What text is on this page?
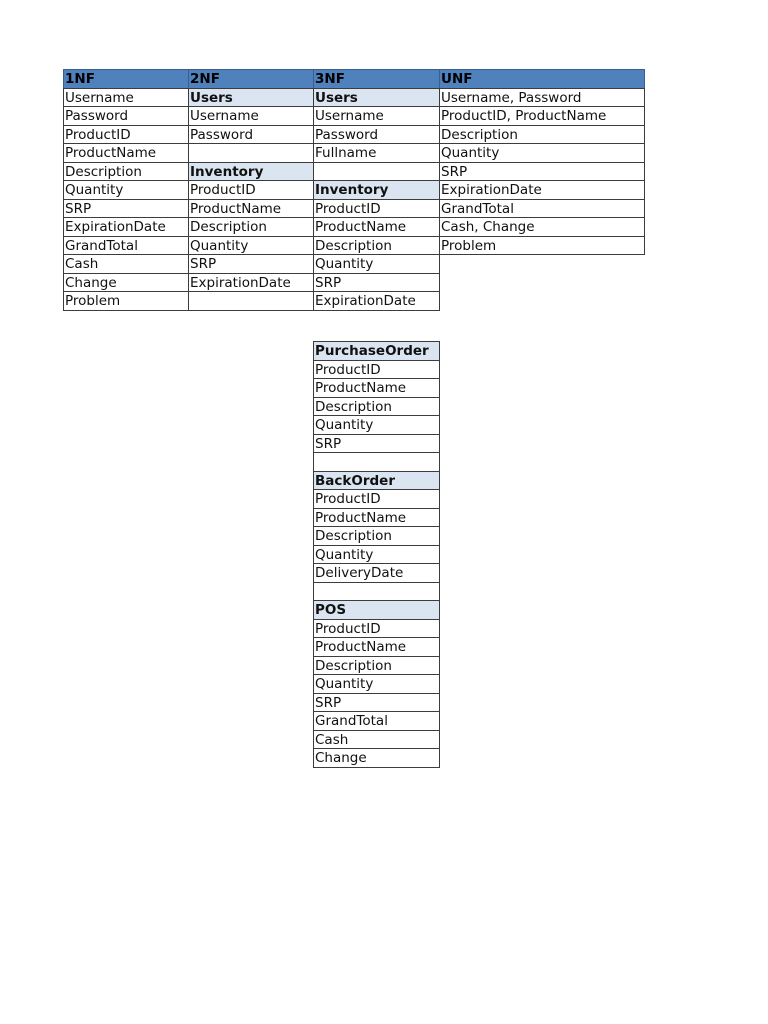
1NF
Username
Password
ProductID
ProductName
Description
Quantity
SRP
ExpirationDate
GrandTotal
Cash
Change
Problem
2NF
Users
Username
Password
Inventory
ProductID
ProductName
Description
Quantity
SRP
ExpirationDate
3NF
Users
Username
Password
Fullname
Inventory
ProductID
ProductName
Description
Quantity
SRP
ExpirationDate
UNF
Username, Password
ProductID, ProductName
Description
Quantity
SRP
ExpirationDate
GrandTotal
Cash, Change
Problem
PurchaseOrder
ProductID
ProductName
Description
Quantity
SRP
BackOrder
ProductID
ProductName
Description
Quantity
DeliveryDate
POS
ProductID
ProductName
Description
Quantity
SRP
GrandTotal
Cash
Change
